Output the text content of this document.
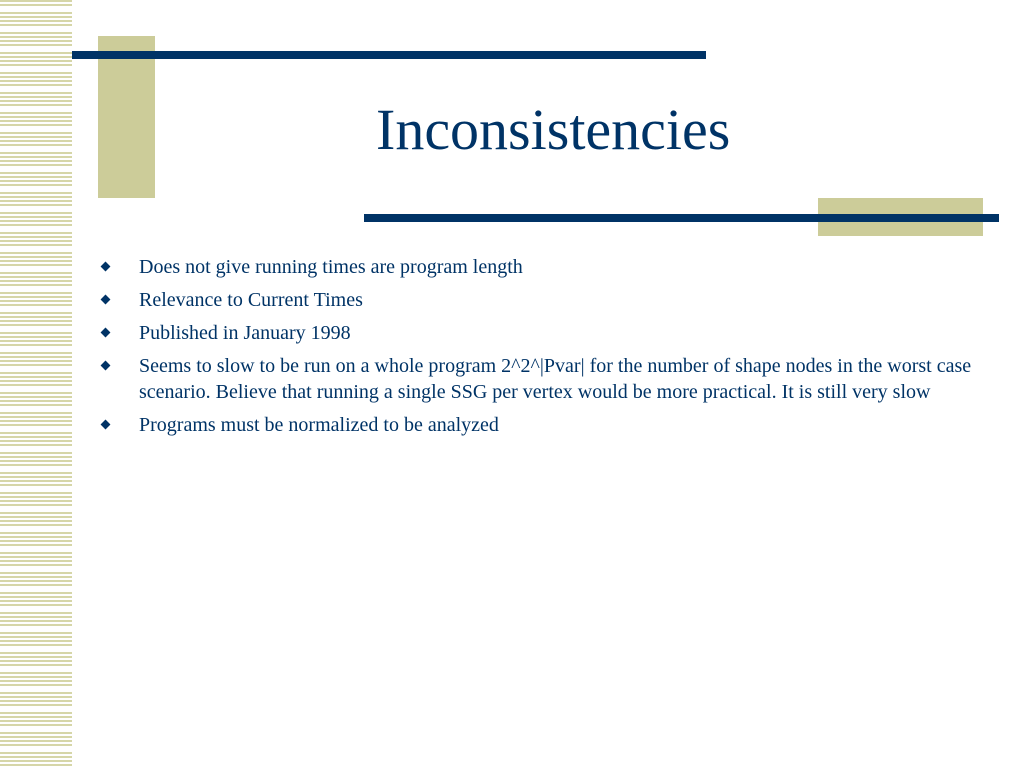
Inconsistencies
Does not give running times are program length
Relevance to Current Times
Published in January 1998
Seems to slow to be run on a whole program 2^2^|Pvar| for the number of shape nodes in the worst case scenario. Believe that running a single SSG per vertex would be more practical. It is still very slow
Programs must be normalized to be analyzed
